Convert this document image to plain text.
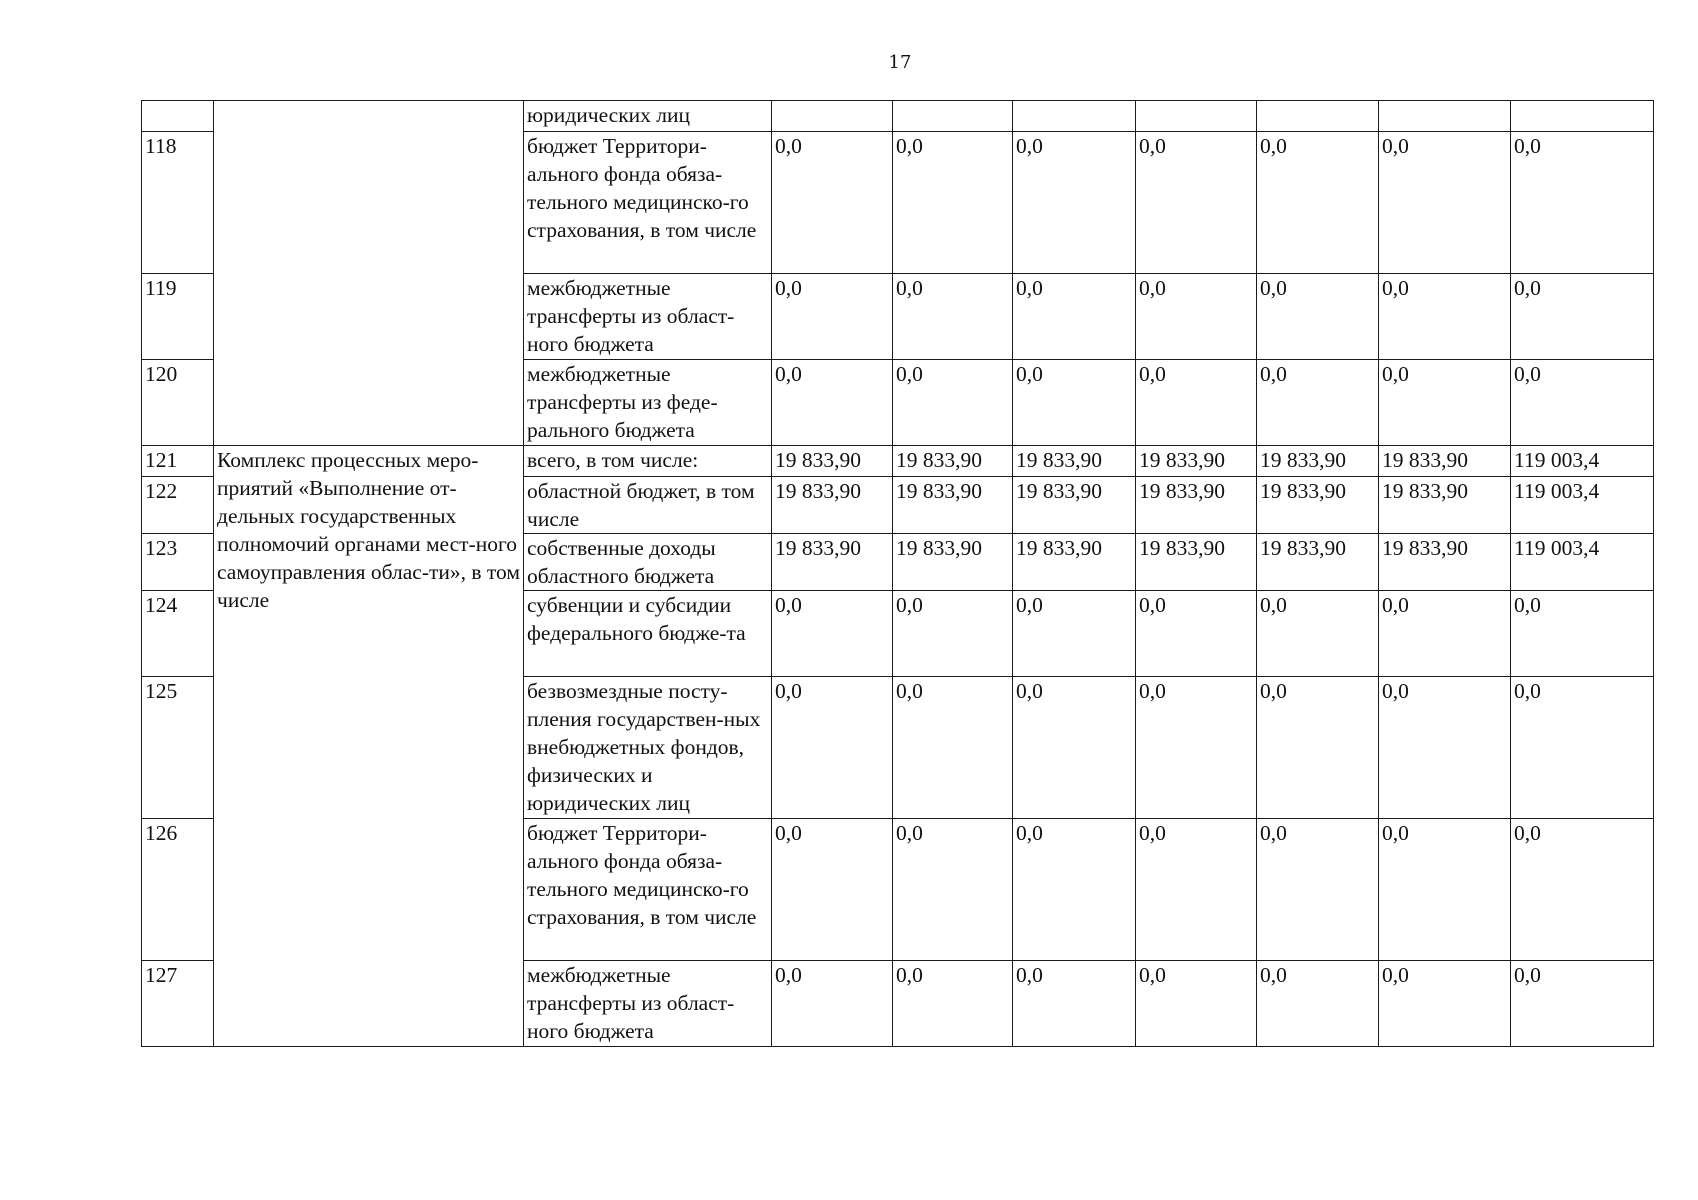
17
		юридических лиц							
118		бюджет Территори-ального фонда обяза-тельного медицинско-го страхования, в том числе	0,0	0,0	0,0	0,0	0,0	0,0	0,0
119		межбюджетные трансферты из област-ного бюджета	0,0	0,0	0,0	0,0	0,0	0,0	0,0
120		межбюджетные трансферты из феде-рального бюджета	0,0	0,0	0,0	0,0	0,0	0,0	0,0
121	Комплекс процессных меро-приятий «Выполнение от-дельных государственных полномочий органами мест-ного самоуправления облас-ти», в том числе	всего, в том числе:	19 833,90	19 833,90	19 833,90	19 833,90	19 833,90	19 833,90	119 003,4
122		областной бюджет, в том числе	19 833,90	19 833,90	19 833,90	19 833,90	19 833,90	19 833,90	119 003,4
123		собственные доходы областного бюджета	19 833,90	19 833,90	19 833,90	19 833,90	19 833,90	19 833,90	119 003,4
124		субвенции и субсидии федерального бюдже-та	0,0	0,0	0,0	0,0	0,0	0,0	0,0
125		безвозмездные посту-пления государствен-ных внебюджетных фондов, физических и юридических лиц	0,0	0,0	0,0	0,0	0,0	0,0	0,0
126		бюджет Территори-ального фонда обяза-тельного медицинско-го страхования, в том числе	0,0	0,0	0,0	0,0	0,0	0,0	0,0
127		межбюджетные трансферты из област-ного бюджета	0,0	0,0	0,0	0,0	0,0	0,0	0,0
